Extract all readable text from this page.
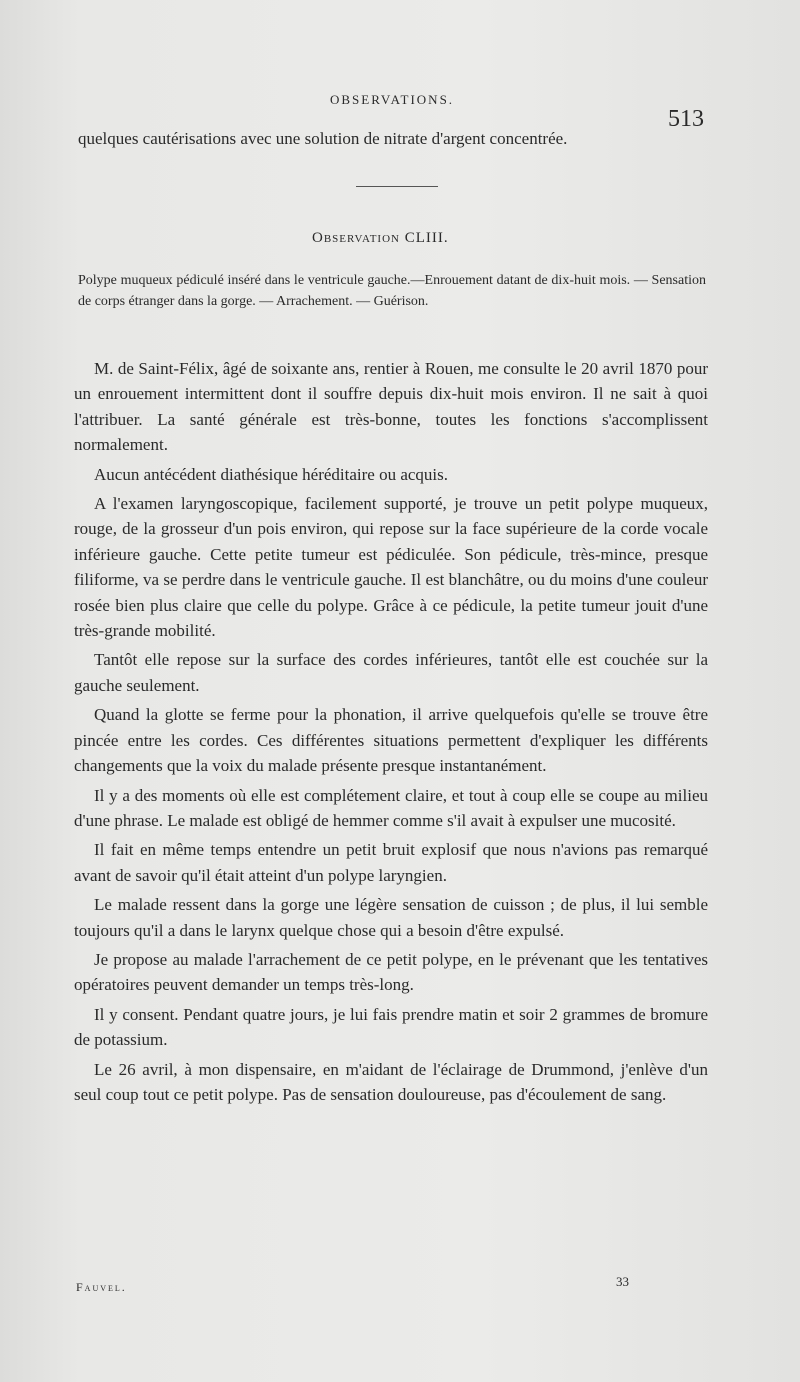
OBSERVATIONS.
513
quelques cautérisations avec une solution de nitrate d'argent concentrée.
Observation CLIII.
Polype muqueux pédiculé inséré dans le ventricule gauche.—Enrouement datant de dix-huit mois. — Sensation de corps étranger dans la gorge. — Arrachement. — Guérison.

M. de Saint-Félix, âgé de soixante ans, rentier à Rouen, me consulte le 20 avril 1870 pour un enrouement intermittent dont il souffre depuis dix-huit mois environ. Il ne sait à quoi l'attribuer. La santé générale est très-bonne, toutes les fonctions s'accomplissent normalement.

Aucun antécédent diathésique héréditaire ou acquis.

A l'examen laryngoscopique, facilement supporté, je trouve un petit polype muqueux, rouge, de la grosseur d'un pois environ, qui repose sur la face supérieure de la corde vocale inférieure gauche. Cette petite tumeur est pédiculée. Son pédicule, très-mince, presque filiforme, va se perdre dans le ventricule gauche. Il est blanchâtre, ou du moins d'une couleur rosée bien plus claire que celle du polype. Grâce à ce pédicule, la petite tumeur jouit d'une très-grande mobilité.

Tantôt elle repose sur la surface des cordes inférieures, tantôt elle est couchée sur la gauche seulement.

Quand la glotte se ferme pour la phonation, il arrive quelquefois qu'elle se trouve être pincée entre les cordes. Ces différentes situations permettent d'expliquer les différents changements que la voix du malade présente presque instantanément.

Il y a des moments où elle est complétement claire, et tout à coup elle se coupe au milieu d'une phrase. Le malade est obligé de hemmer comme s'il avait à expulser une mucosité.

Il fait en même temps entendre un petit bruit explosif que nous n'avions pas remarqué avant de savoir qu'il était atteint d'un polype laryngien.

Le malade ressent dans la gorge une légère sensation de cuisson ; de plus, il lui semble toujours qu'il a dans le larynx quelque chose qui a besoin d'être expulsé.

Je propose au malade l'arrachement de ce petit polype, en le prévenant que les tentatives opératoires peuvent demander un temps très-long.

Il y consent. Pendant quatre jours, je lui fais prendre matin et soir 2 grammes de bromure de potassium.

Le 26 avril, à mon dispensaire, en m'aidant de l'éclairage de Drummond, j'enlève d'un seul coup tout ce petit polype. Pas de sensation douloureuse, pas d'écoulement de sang.

Fauvel.	33
